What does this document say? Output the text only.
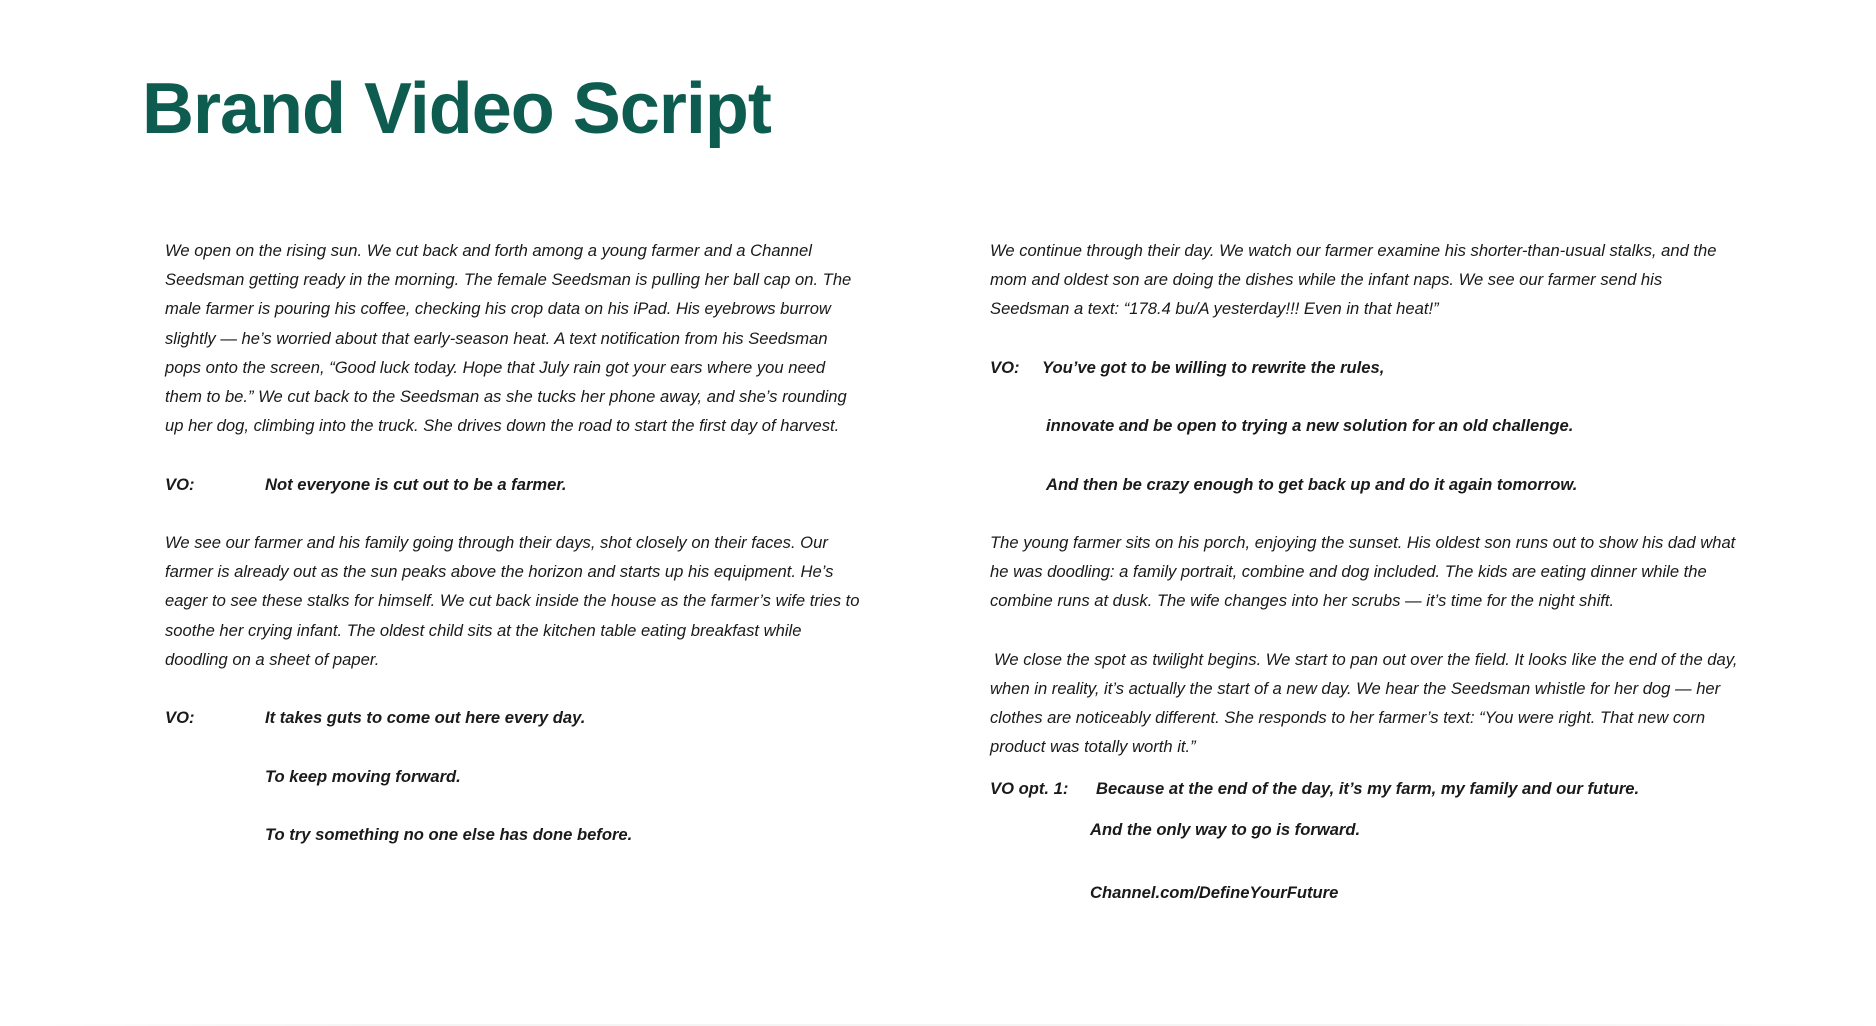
Brand Video Script

We open on the rising sun. We cut back and forth among a young farmer and a Channel Seedsman getting ready in the morning. The female Seedsman is pulling her ball cap on. The male farmer is pouring his coffee, checking his crop data on his iPad. His eyebrows burrow slightly — he’s worried about that early-season heat. A text notification from his Seedsman pops onto the screen, “Good luck today. Hope that July rain got your ears where you need them to be.” We cut back to the Seedsman as she tucks her phone away, and she’s rounding up her dog, climbing into the truck. She drives down the road to start the first day of harvest.

VO:	Not everyone is cut out to be a farmer.

We see our farmer and his family going through their days, shot closely on their faces. Our farmer is already out as the sun peaks above the horizon and starts up his equipment. He’s eager to see these stalks for himself. We cut back inside the house as the farmer’s wife tries to soothe her crying infant. The oldest child sits at the kitchen table eating breakfast while doodling on a sheet of paper.

VO:	It takes guts to come out here every day.
To keep moving forward.
To try something no one else has done before.

We continue through their day. We watch our farmer examine his shorter-than-usual stalks, and the mom and oldest son are doing the dishes while the infant naps. We see our farmer send his Seedsman a text: “178.4 bu/A yesterday!!! Even in that heat!”

VO:	You’ve got to be willing to rewrite the rules,
innovate and be open to trying a new solution for an old challenge.
And then be crazy enough to get back up and do it again tomorrow.

The young farmer sits on his porch, enjoying the sunset. His oldest son runs out to show his dad what he was doodling: a family portrait, combine and dog included. The kids are eating dinner while the combine runs at dusk. The wife changes into her scrubs — it’s time for the night shift.

We close the spot as twilight begins. We start to pan out over the field. It looks like the end of the day, when in reality, it’s actually the start of a new day. We hear the Seedsman whistle for her dog — her clothes are noticeably different. She responds to her farmer’s text: “You were right. That new corn product was totally worth it.”

VO opt. 1:	Because at the end of the day, it’s my farm, my family and our future.
And the only way to go is forward.
Channel.com/DefineYourFuture
